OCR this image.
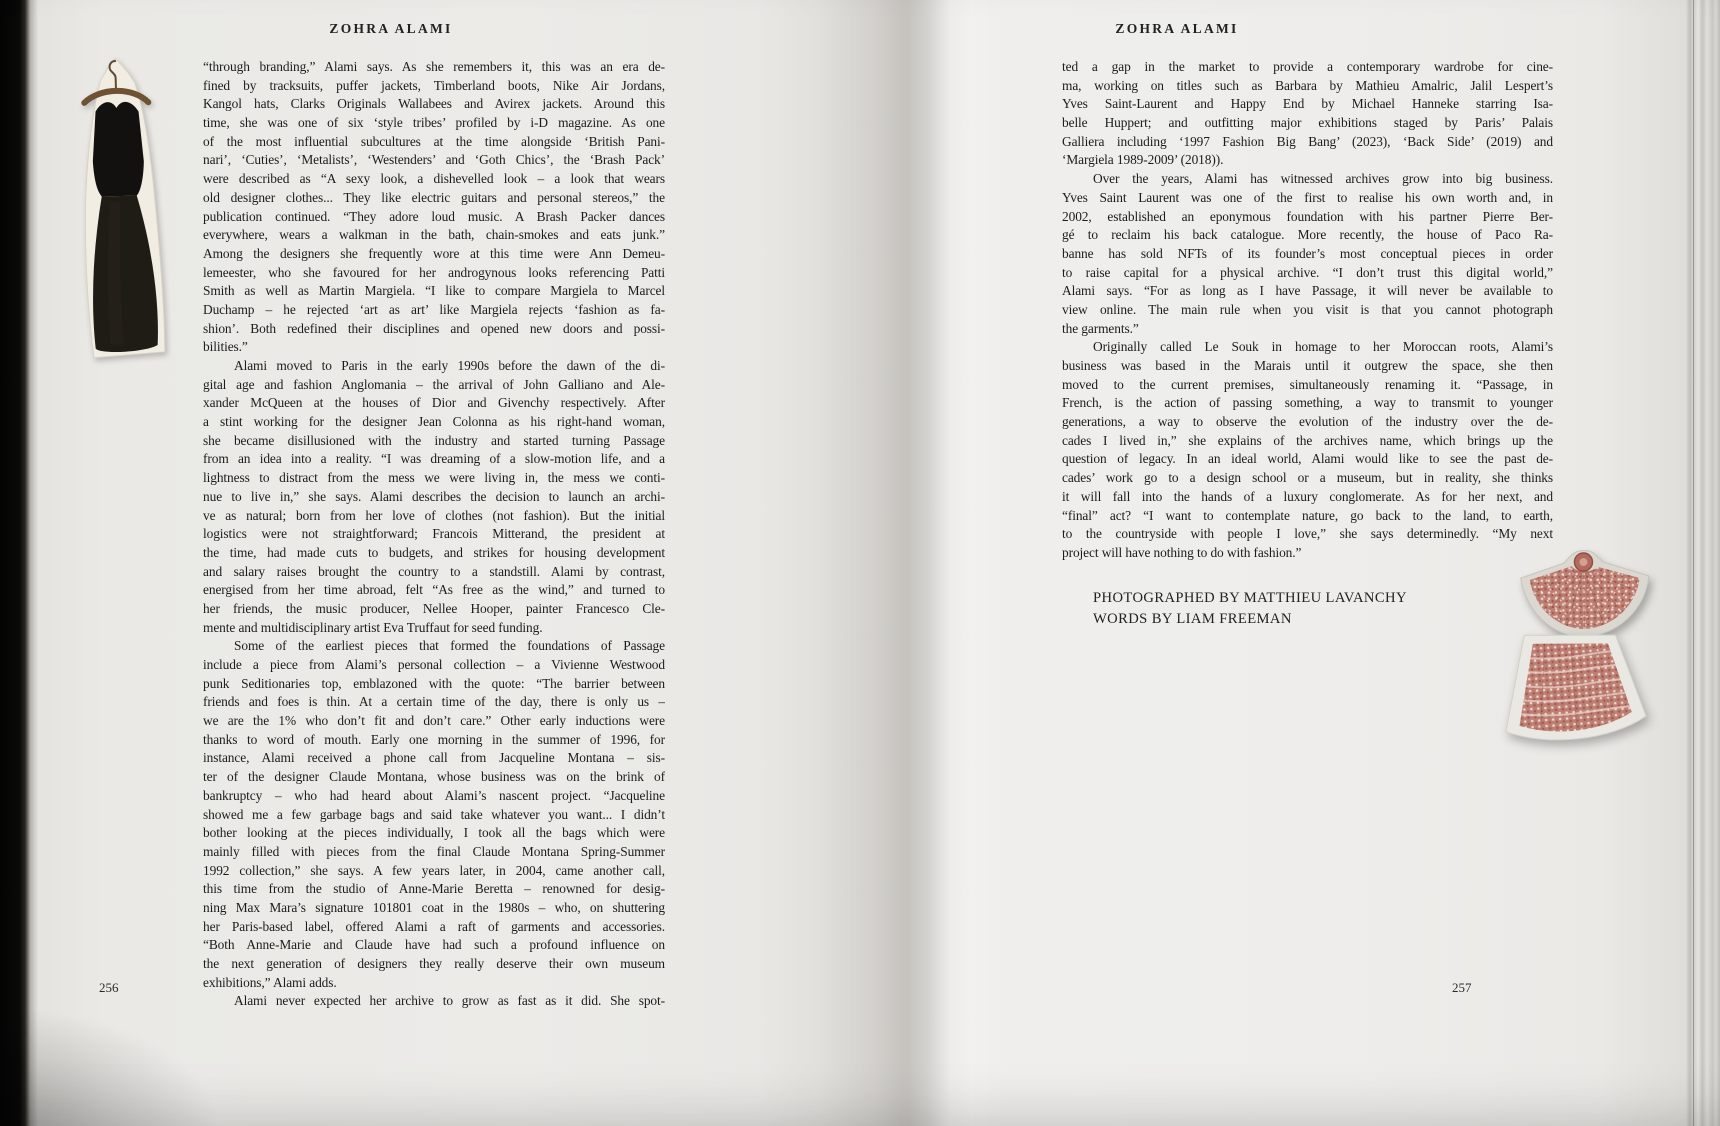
ZOHRA ALAMI	ZOHRA ALAMI
“through branding,” Alami says. As she remembers it, this was an era de-
fined by tracksuits, puffer jackets, Timberland boots, Nike Air Jordans,
Kangol hats, Clarks Originals Wallabees and Avirex jackets. Around this
time, she was one of six ‘style tribes’ profiled by i-D magazine. As one
of the most influential subcultures at the time alongside ‘British Pani-
nari’, ‘Cuties’, ‘Metalists’, ‘Westenders’ and ‘Goth Chics’, the ‘Brash Pack’
were described as “A sexy look, a dishevelled look – a look that wears
old designer clothes... They like electric guitars and personal stereos,” the
publication continued. “They adore loud music. A Brash Packer dances
everywhere, wears a walkman in the bath, chain-smokes and eats junk.”
Among the designers she frequently wore at this time were Ann Demeu-
lemeester, who she favoured for her androgynous looks referencing Patti
Smith as well as Martin Margiela. “I like to compare Margiela to Marcel
Duchamp – he rejected ‘art as art’ like Margiela rejects ‘fashion as fa-
shion’. Both redefined their disciplines and opened new doors and possi-
bilities.”
Alami moved to Paris in the early 1990s before the dawn of the di-
gital age and fashion Anglomania – the arrival of John Galliano and Ale-
xander McQueen at the houses of Dior and Givenchy respectively. After
a stint working for the designer Jean Colonna as his right-hand woman,
she became disillusioned with the industry and started turning Passage
from an idea into a reality. “I was dreaming of a slow-motion life, and a
lightness to distract from the mess we were living in, the mess we conti-
nue to live in,” she says. Alami describes the decision to launch an archi-
ve as natural; born from her love of clothes (not fashion). But the initial
logistics were not straightforward; Francois Mitterand, the president at
the time, had made cuts to budgets, and strikes for housing development
and salary raises brought the country to a standstill. Alami by contrast,
energised from her time abroad, felt “As free as the wind,” and turned to
her friends, the music producer, Nellee Hooper, painter Francesco Cle-
mente and multidisciplinary artist Eva Truffaut for seed funding.
Some of the earliest pieces that formed the foundations of Passage
include a piece from Alami’s personal collection – a Vivienne Westwood
punk Seditionaries top, emblazoned with the quote: “The barrier between
friends and foes is thin. At a certain time of the day, there is only us –
we are the 1% who don’t fit and don’t care.” Other early inductions were
thanks to word of mouth. Early one morning in the summer of 1996, for
instance, Alami received a phone call from Jacqueline Montana – sis-
ter of the designer Claude Montana, whose business was on the brink of
bankruptcy – who had heard about Alami’s nascent project. “Jacqueline
showed me a few garbage bags and said take whatever you want... I didn’t
bother looking at the pieces individually, I took all the bags which were
mainly filled with pieces from the final Claude Montana Spring-Summer
1992 collection,” she says. A few years later, in 2004, came another call,
this time from the studio of Anne-Marie Beretta – renowned for desig-
ning Max Mara’s signature 101801 coat in the 1980s – who, on shuttering
her Paris-based label, offered Alami a raft of garments and accessories.
“Both Anne-Marie and Claude have had such a profound influence on
the next generation of designers they really deserve their own museum
exhibitions,” Alami adds.
Alami never expected her archive to grow as fast as it did. She spot-
ted a gap in the market to provide a contemporary wardrobe for cine-
ma, working on titles such as Barbara by Mathieu Amalric, Jalil Lespert’s
Yves Saint-Laurent and Happy End by Michael Hanneke starring Isa-
belle Huppert; and outfitting major exhibitions staged by Paris’ Palais
Galliera including ‘1997 Fashion Big Bang’ (2023), ‘Back Side’ (2019) and
‘Margiela 1989-2009’ (2018)).
Over the years, Alami has witnessed archives grow into big business.
Yves Saint Laurent was one of the first to realise his own worth and, in
2002, established an eponymous foundation with his partner Pierre Ber-
gé to reclaim his back catalogue. More recently, the house of Paco Ra-
banne has sold NFTs of its founder’s most conceptual pieces in order
to raise capital for a physical archive. “I don’t trust this digital world,”
Alami says. “For as long as I have Passage, it will never be available to
view online. The main rule when you visit is that you cannot photograph
the garments.”
Originally called Le Souk in homage to her Moroccan roots, Alami’s
business was based in the Marais until it outgrew the space, she then
moved to the current premises, simultaneously renaming it. “Passage, in
French, is the action of passing something, a way to transmit to younger
generations, a way to observe the evolution of the industry over the de-
cades I lived in,” she explains of the archives name, which brings up the
question of legacy. In an ideal world, Alami would like to see the past de-
cades’ work go to a design school or a museum, but in reality, she thinks
it will fall into the hands of a luxury conglomerate. As for her next, and
“final” act? “I want to contemplate nature, go back to the land, to earth,
to the countryside with people I love,” she says determinedly. “My next
project will have nothing to do with fashion.”
PHOTOGRAPHED BY MATTHIEU LAVANCHY
WORDS BY LIAM FREEMAN
256	257
